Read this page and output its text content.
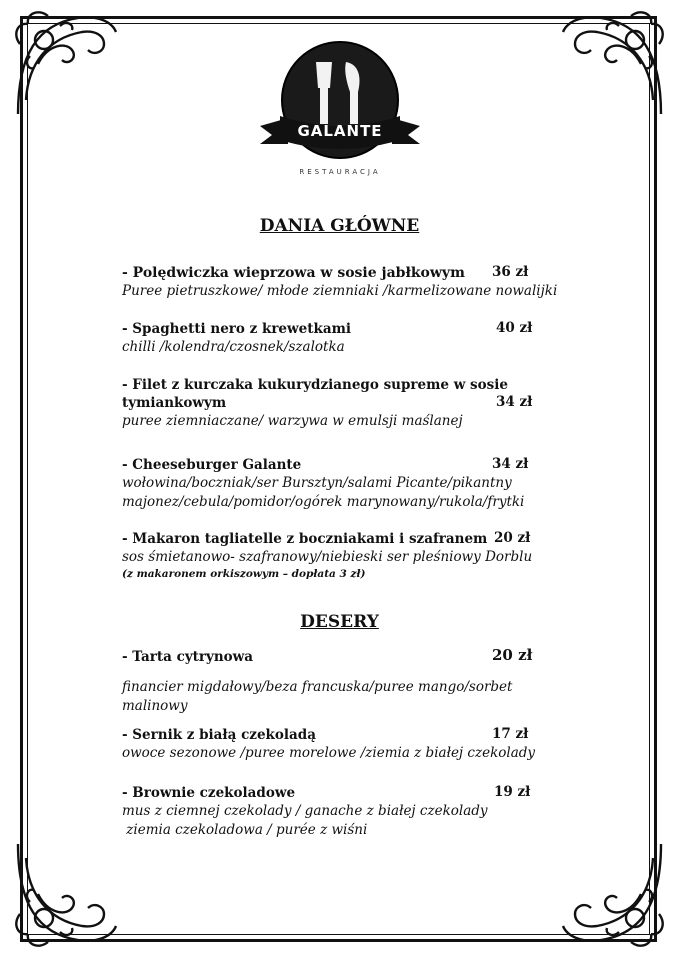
GALANTE
RESTAURACJA
DANIA GŁÓWNE
- Polędwiczka wieprzowa w sosie jabłkowym
Puree pietruszkowe/ młode ziemniaki /karmelizowane nowalijki
36 zł
- Spaghetti nero z krewetkami
chilli /kolendra/czosnek/szalotka
40 zł
- Filet z kurczaka kukurydzianego supreme w sosie
tymiankowym
puree ziemniaczane/ warzywa w emulsji maślanej
34 zł
- Cheeseburger Galante
wołowina/boczniak/ser Bursztyn/salami Picante/pikantny
majonez/cebula/pomidor/ogórek marynowany/rukola/frytki
34 zł
- Makaron tagliatelle z boczniakami i szafranem
sos śmietanowo- szafranowy/niebieski ser pleśniowy Dorblu
(z makaronem orkiszowym – dopłata 3 zł)
20 zł
DESERY
- Tarta cytrynowa
financier migdałowy/beza francuska/puree mango/sorbet
malinowy
20 zł
- Sernik z białą czekoladą
owoce sezonowe /puree morelowe /ziemia z białej czekolady
17 zł
- Brownie czekoladowe
mus z ciemnej czekolady / ganache z białej czekolady
ziemia czekoladowa / purée z wiśni
19 zł
